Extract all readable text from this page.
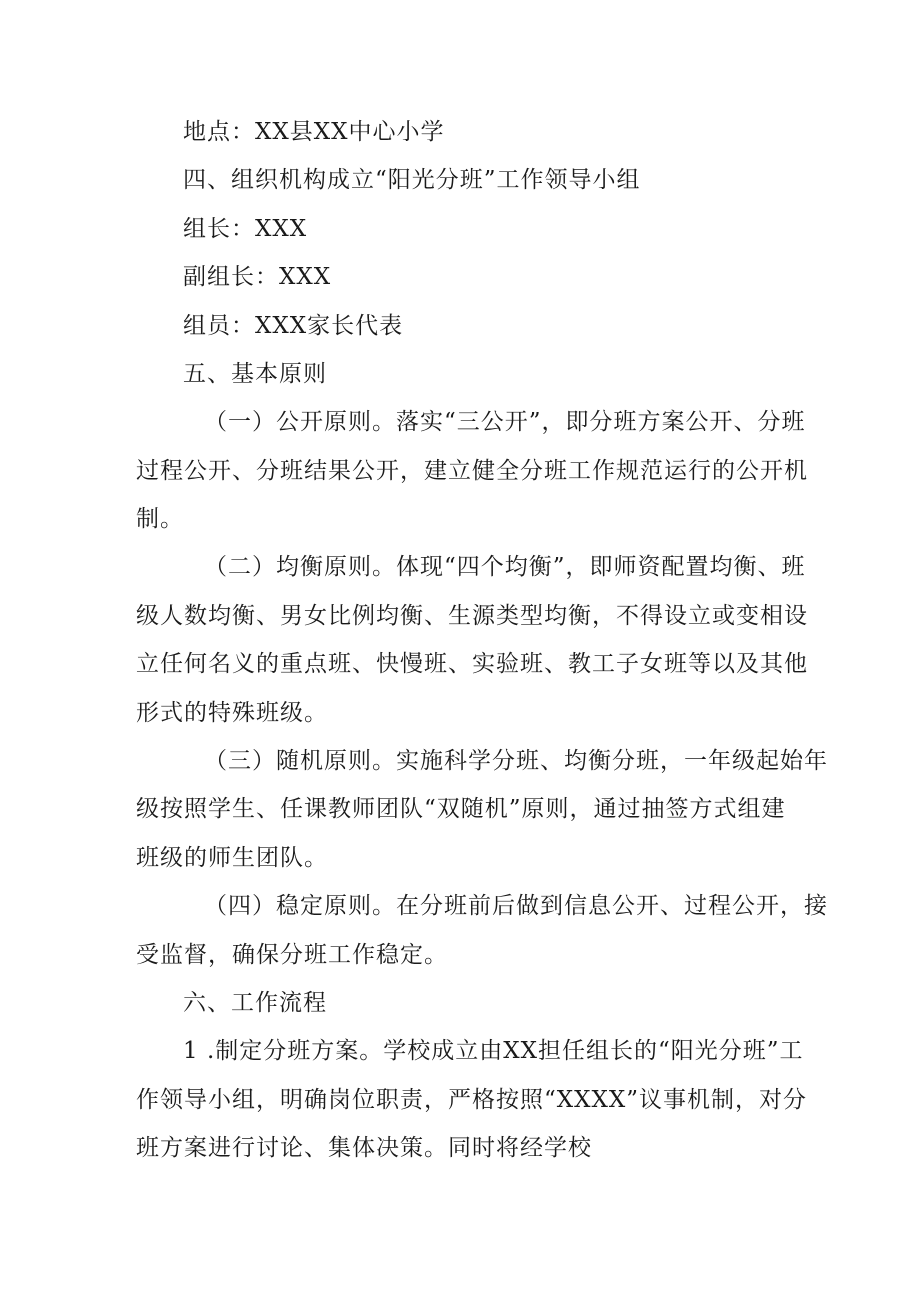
地点：XX县XX中心小学
四、组织机构成立“阳光分班”工作领导小组
组长：XXX
副组长：XXX
组员：XXX家长代表
五、基本原则
（一）公开原则。落实“三公开”，即分班方案公开、分班
过程公开、分班结果公开，建立健全分班工作规范运行的公开机
制。
（二）均衡原则。体现“四个均衡”，即师资配置均衡、班
级人数均衡、男女比例均衡、生源类型均衡，不得设立或变相设
立任何名义的重点班、快慢班、实验班、教工子女班等以及其他
形式的特殊班级。
（三）随机原则。实施科学分班、均衡分班，一年级起始年
级按照学生、任课教师团队“双随机”原则，通过抽签方式组建
班级的师生团队。
（四）稳定原则。在分班前后做到信息公开、过程公开，接
受监督，确保分班工作稳定。
六、工作流程
1 .制定分班方案。学校成立由XX担任组长的“阳光分班”工
作领导小组，明确岗位职责，严格按照“XXXX”议事机制，对分
班方案进行讨论、集体决策。同时将经学校
